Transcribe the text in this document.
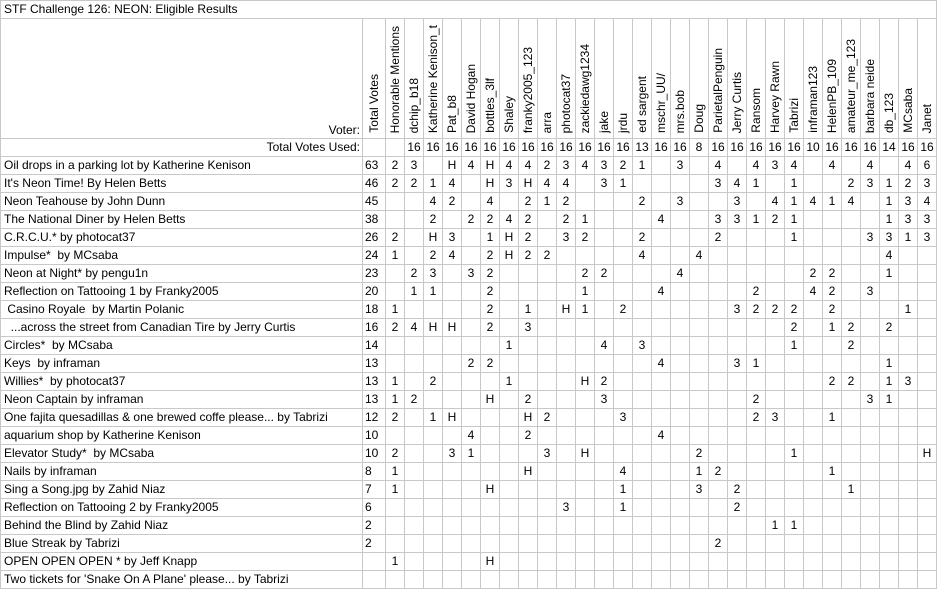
STF Challenge 126: NEON: Eligible Results																														
Voter:	Total Votes	Honorable Mentions	dchip_b18	Katherine Kenison_t	Pat_b8	David Hogan	bottles_3lf	Shaley	franky2005_123	arra	photocat37	zackiedawg1234	jake	jrdu	ed sargent	mschr_UU/	mrs.bob	Doug	ParietalPenguin	Jerry Curtis	Ransom	Harvey Rawn	Tabrizi	inframan123	HelenPB_109	amateur_me_123	barbara neide	db_123	MCsaba	Janet
Total Votes Used:			16	16	16	16	16	16	16	16	16	16	16	16	13	16	16	8	16	16	16	16	16	10	16	16	16	14	16	16
Oil drops in a parking lot by Katherine Kenison	63	2	3		H	4	H	4	4	2	3	4	3	2	1		3		4		4	3	4		4		4		4	6
It's Neon Time! By Helen Betts	46	2	2	1	4		H	3	H	4	4		3	1					3	4	1		1			2	3	1	2	3
Neon Teahouse by John Dunn	45			4	2		4		2	1	2				2		3			3		4	1	4	1	4		1	3	4
The National Diner by Helen Betts	38			2		2	2	4	2		2	1				4			3	3	1	2	1					1	3	3
C.R.C.U.* by photocat37	26	2		H	3		1	H	2		3	2			2				2				1				3	3	1	3
Impulse*  by MCsaba	24	1		2	4		2	H	2	2					4			4										4		
Neon at Night* by pengu1n	23		2	3		3	2					2	2				4							2	2			1		
Reflection on Tattooing 1 by Franky2005	20		1	1			2					1				4					2			4	2		3			
Casino Royale  by Martin Polanic	18	1					2		1		H	1		2						3	2	2	2		2				1	
...across the street from Canadian Tire by Jerry Curtis	16	2	4	H	H		2		3														2		1	2		2		
Circles*  by MCsaba	14							1					4		3								1			2				
Keys  by inframan	13					2	2									4				3	1							1		
Willies*  by photocat37	13	1		2				1				H	2												2	2		1	3	
Neon Captain by inframan	13	1	2				H		2				3								2						3	1		
One fajita quesadillas & one brewed coffe please... by Tabrizi	12	2		1	H				H	2				3							2	3			1					
aquarium shop by Katherine Kenison	10					4			2							4														
Elevator Study*  by MCsaba	10	2			3	1				3		H						2					1							H
Nails by inframan	8	1							H					4				1	2						1					
Sing a Song.jpg by Zahid Niaz	7	1					H							1				3		2						1				
Reflection on Tattooing 2 by Franky2005	6										3			1						2										
Behind the Blind by Zahid Niaz	2																					1	1							
Blue Streak by Tabrizi	2																		2											
OPEN OPEN OPEN * by Jeff Knapp		1					H																							
Two tickets for 'Snake On A Plane' please... by Tabrizi																														
